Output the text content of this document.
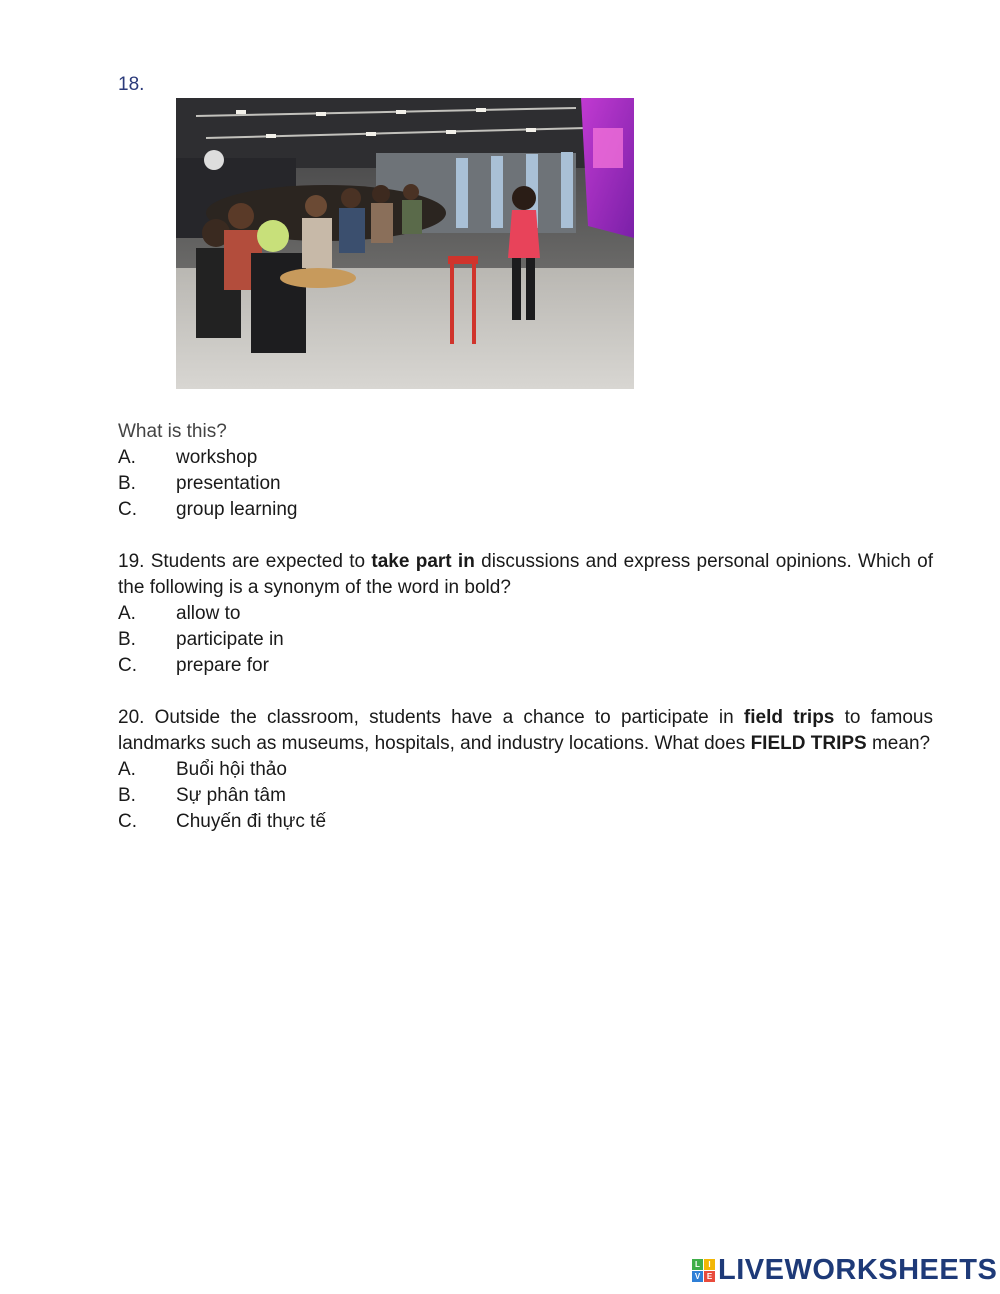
18.
What is this?
A.	workshop
B.	presentation
C.	group learning
19. Students are expected to take part in discussions and express personal opinions. Which of the following is a synonym of the word in bold?
A.	allow to
B.	participate in
C.	prepare for
20. Outside the classroom, students have a chance to participate in field trips to famous landmarks such as museums, hospitals, and industry locations. What does FIELD TRIPS mean?
A.	Buổi hội thảo
B.	Sự phân tâm
C.	Chuyến đi thực tế
L	I
V E LIVEWORKSHEETS
